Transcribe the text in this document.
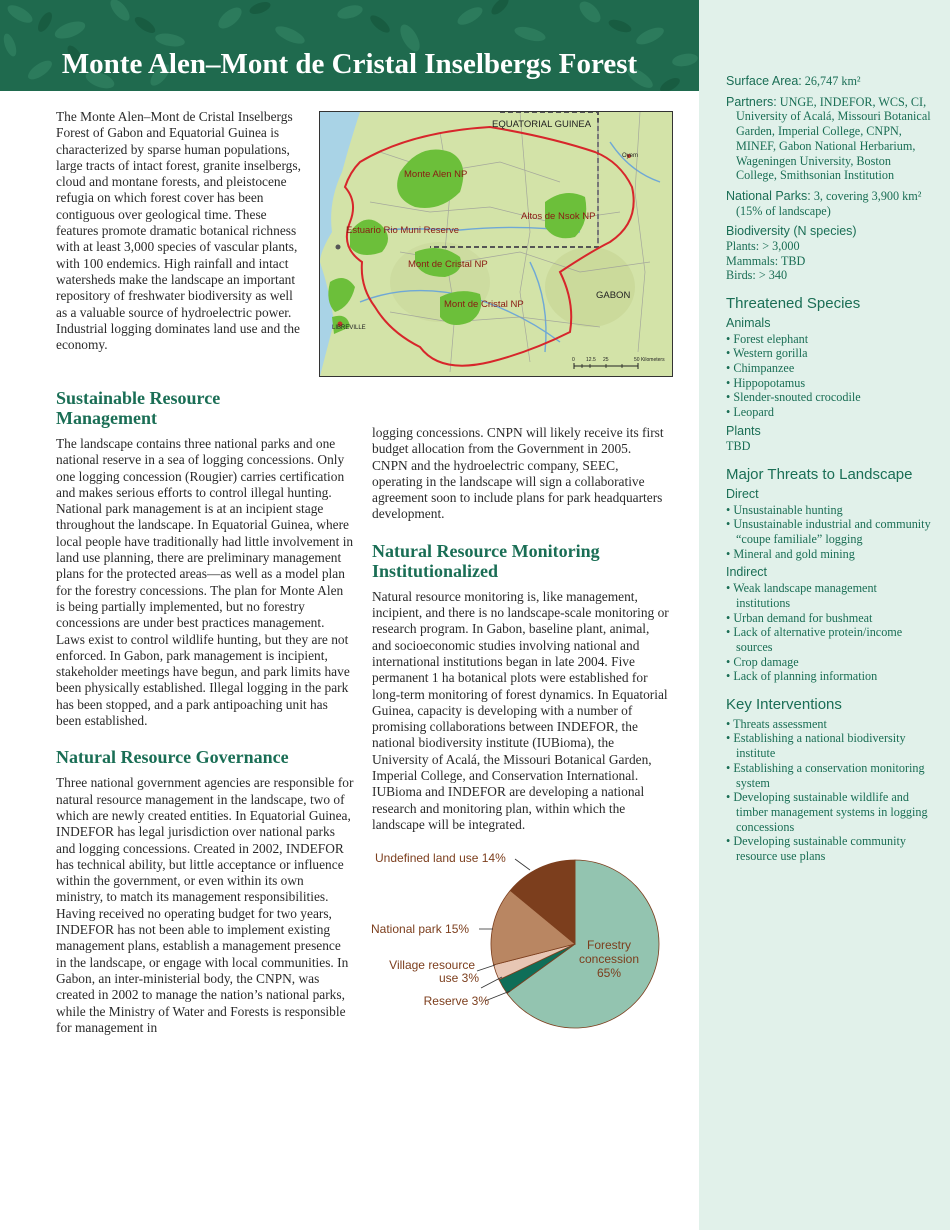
Monte Alen–Mont de Cristal Inselbergs Forest
Surface Area: 26,747 km²
Partners: UNGE, INDEFOR, WCS, CI, University of Acalá, Missouri Botanical Garden, Imperial College, CNPN, MINEF, Gabon National Herbarium, Wageningen University, Boston College, Smithsonian Institution
National Parks: 3, covering 3,900 km² (15% of landscape)
Biodiversity (N species)
Plants: > 3,000
Mammals: TBD
Birds: > 340
Threatened Species
Animals
• Forest elephant
• Western gorilla
• Chimpanzee
• Hippopotamus
• Slender-snouted crocodile
• Leopard
Plants
TBD
Major Threats to Landscape
Direct
• Unsustainable hunting
• Unsustainable industrial and community “coupe familiale” logging
• Mineral and gold mining
Indirect
• Weak landscape management institutions
• Urban demand for bushmeat
• Lack of alternative protein/income sources
• Crop damage
• Lack of planning information
Key Interventions
• Threats assessment
• Establishing a national biodiversity institute
• Establishing a conservation monitoring system
• Developing sustainable wildlife and timber management systems in logging concessions
• Developing sustainable community resource use plans

The Monte Alen–Mont de Cristal Inselbergs Forest of Gabon and Equatorial Guinea is characterized by sparse human populations, large tracts of intact forest, granite inselbergs, cloud and montane forests, and pleistocene refugia on which forest cover has been contiguous over geological time. These features promote dramatic botanical richness with at least 3,000 species of vascular plants, with 100 endemics. High rainfall and intact watersheds make the landscape an important repository of freshwater biodiversity as well as a valuable source of hydroelectric power. Industrial logging dominates land use and the economy.

EQUATORIAL GUINEA
GABON
Monte Alen NP
Altos de Nsok NP
Estuario Rio Muni Reserve
Mont de Cristal NP
Mont de Cristal NP
LIBREVILLE
Oyem
0 12.5 25	50 Kilometers
Sustainable Resource
Management

The landscape contains three national parks and one national reserve in a sea of logging concessions. Only one logging concession (Rougier) carries certification and makes serious efforts to control illegal hunting. National park management is at an incipient stage throughout the landscape. In Equatorial Guinea, where local people have traditionally had little involvement in land use planning, there are preliminary management plans for the protected areas—as well as a model plan for the forestry concessions. The plan for Monte Alen is being partially implemented, but no forestry concessions are under best practices management. Laws exist to control wildlife hunting, but they are not enforced. In Gabon, park management is incipient, stakeholder meetings have begun, and park limits have been physically established. Illegal logging in the park has been stopped, and a park antipoaching unit has been established.

Natural Resource Governance

Three national government agencies are responsible for natural resource management in the landscape, two of which are newly created entities. In Equatorial Guinea, INDEFOR has legal jurisdiction over national parks and logging concessions. Created in 2002, INDEFOR has technical ability, but little acceptance or influence within the government, or even within its own ministry, to match its management responsibilities. Having received no operating budget for two years, INDEFOR has not been able to implement existing management plans, establish a management presence in the landscape, or engage with local communities. In Gabon, an inter-ministerial body, the CNPN, was created in 2002 to manage the nation’s national parks, while the Ministry of Water and Forests is responsible for management in

logging concessions. CNPN will likely receive its first budget allocation from the Government in 2005. CNPN and the hydroelectric company, SEEC, operating in the landscape will sign a collaborative agreement soon to include plans for park headquarters development.

Natural Resource Monitoring
Institutionalized

Natural resource monitoring is, like management, incipient, and there is no landscape-scale monitoring or research program. In Gabon, baseline plant, animal, and socioeconomic studies involving national and international institutions began in late 2004. Five permanent 1 ha botanical plots were established for long-term monitoring of forest dynamics. In Equatorial Guinea, capacity is developing with a number of promising collaborations between INDEFOR, the national biodiversity institute (IUBioma), the University of Acalá, the Missouri Botanical Garden, Imperial College, and Conservation International. IUBioma and INDEFOR are developing a national research and monitoring plan, within which the landscape will be integrated.

Undefined land use 14%
National park 15%
Village resource
use 3%
Reserve 3%
Forestry
concession
65%
